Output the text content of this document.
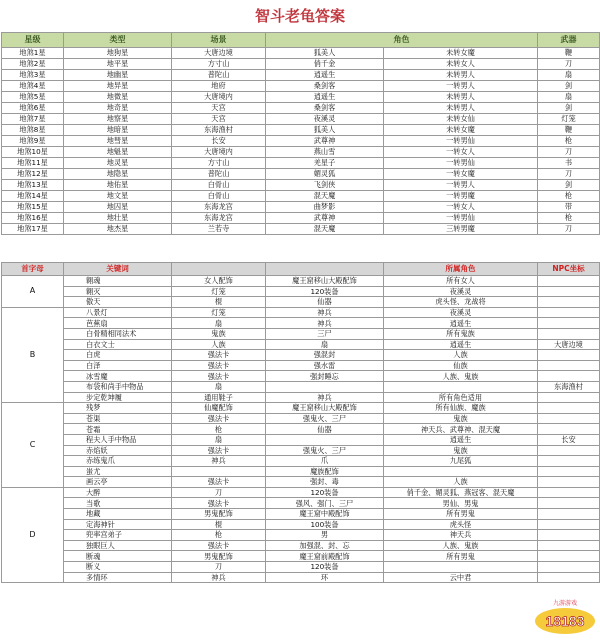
智斗老龟答案
星级	类型	场景	角色		武器
地煞1星	地狗星	大唐边境	狐美人	未转女魔	鞭
地煞2星	地平星	方寸山	俏千金	未转女人	刀
地煞3星	地幽星	普陀山	逍遥生	未转男人	扇
地煞4星	地异星	地府	桑剑客	一转男人	剑
地煞5星	地微星	大唐境内	逍遥生	未转男人	扇
地煞6星	地奇星	天宫	桑剑客	未转男人	剑
地煞7星	地察星	天宫	夜溪灵	未转女仙	灯笼
地煞8星	地暗星	东海渔村	狐美人	未转女魔	鞭
地煞9星	地彗星	长安	武尊神	一转男仙	枪
地煞10星	地魁星	大唐境内	燕山雪	一转女人	刀
地煞11星	地灵星	方寸山	羌星子	一转男仙	书
地煞12星	地隐星	普陀山	媚灵狐	一转女魔	刀
地煞13星	地佑星	白骨山	飞剑侠	一转男人	剑
地煞14星	地文星	白骨山	混天魔	一转男魔	枪
地煞15星	地囚星	东海龙宫	曲梦影	一转女人	带
地煞16星	地壮星	东海龙宫	武尊神	一转男仙	枪
地煞17星	地杰星	兰若寺	混天魔	三转男魔	刀
首字母	关键词			所属角色	NPC坐标
A	翱魂	女人配饰	魔王窟移山大殿配饰	所有女人	
	翱灭	灯笼	120装备	夜溪灵	
	傲天	棍	仙器	虎头怪、龙战将	
B	八景灯	灯笼	神兵	夜溪灵	
	芭蕉扇	扇	神兵	逍遥生	
	白骨精相同法术	鬼族	三尸	所有鬼族	
	白衣文士	人族	扇	逍遥生	大唐边境
	白虎	强法卡	强混封	人族	
	白泽	强法卡	强水雷	仙族	
	冰雪魔	强法卡	强封睡忘	人族、鬼族	
	布袋和尚手中物品	扇			东海渔村
	步定乾坤履	通用鞋子	神兵	所有角色适用	
C	残梦	仙魔配饰	魔王窟移山大殿配饰	所有仙族、魔族	
	苍渠	强法卡	强鬼火、三尸	鬼族	
	苍霜	枪	仙器	神天兵、武尊神、混天魔	
	程夫人手中物品	扇		逍遥生	长安
	赤焰妖	强法卡	强鬼火、三尸	鬼族	
	赤练鬼爪	神兵	爪	九尾狐	
	蚩尤		魔族配饰		
	画云亭	强法卡	强封、毒	人族	
D	大醉	刀	120装备	俏千金、媚灵狐、燕冠客、混天魔	
	当歌	强法卡	强风、强门、三尸	男仙、男鬼	
	地藏	男鬼配饰	魔王窟中殿配饰	所有男鬼	
	定海神针	棍	100装备	虎头怪	
	兜率宫弟子	枪	男	神天兵	
	独眼巨人	强法卡	加强混、封、忘	人族、鬼族	
	断魂	男鬼配饰	魔王窟前殿配饰	所有男鬼	
	断义	刀	120装备		
	多情环	神兵	环	云中君	
九游游戏
18183
